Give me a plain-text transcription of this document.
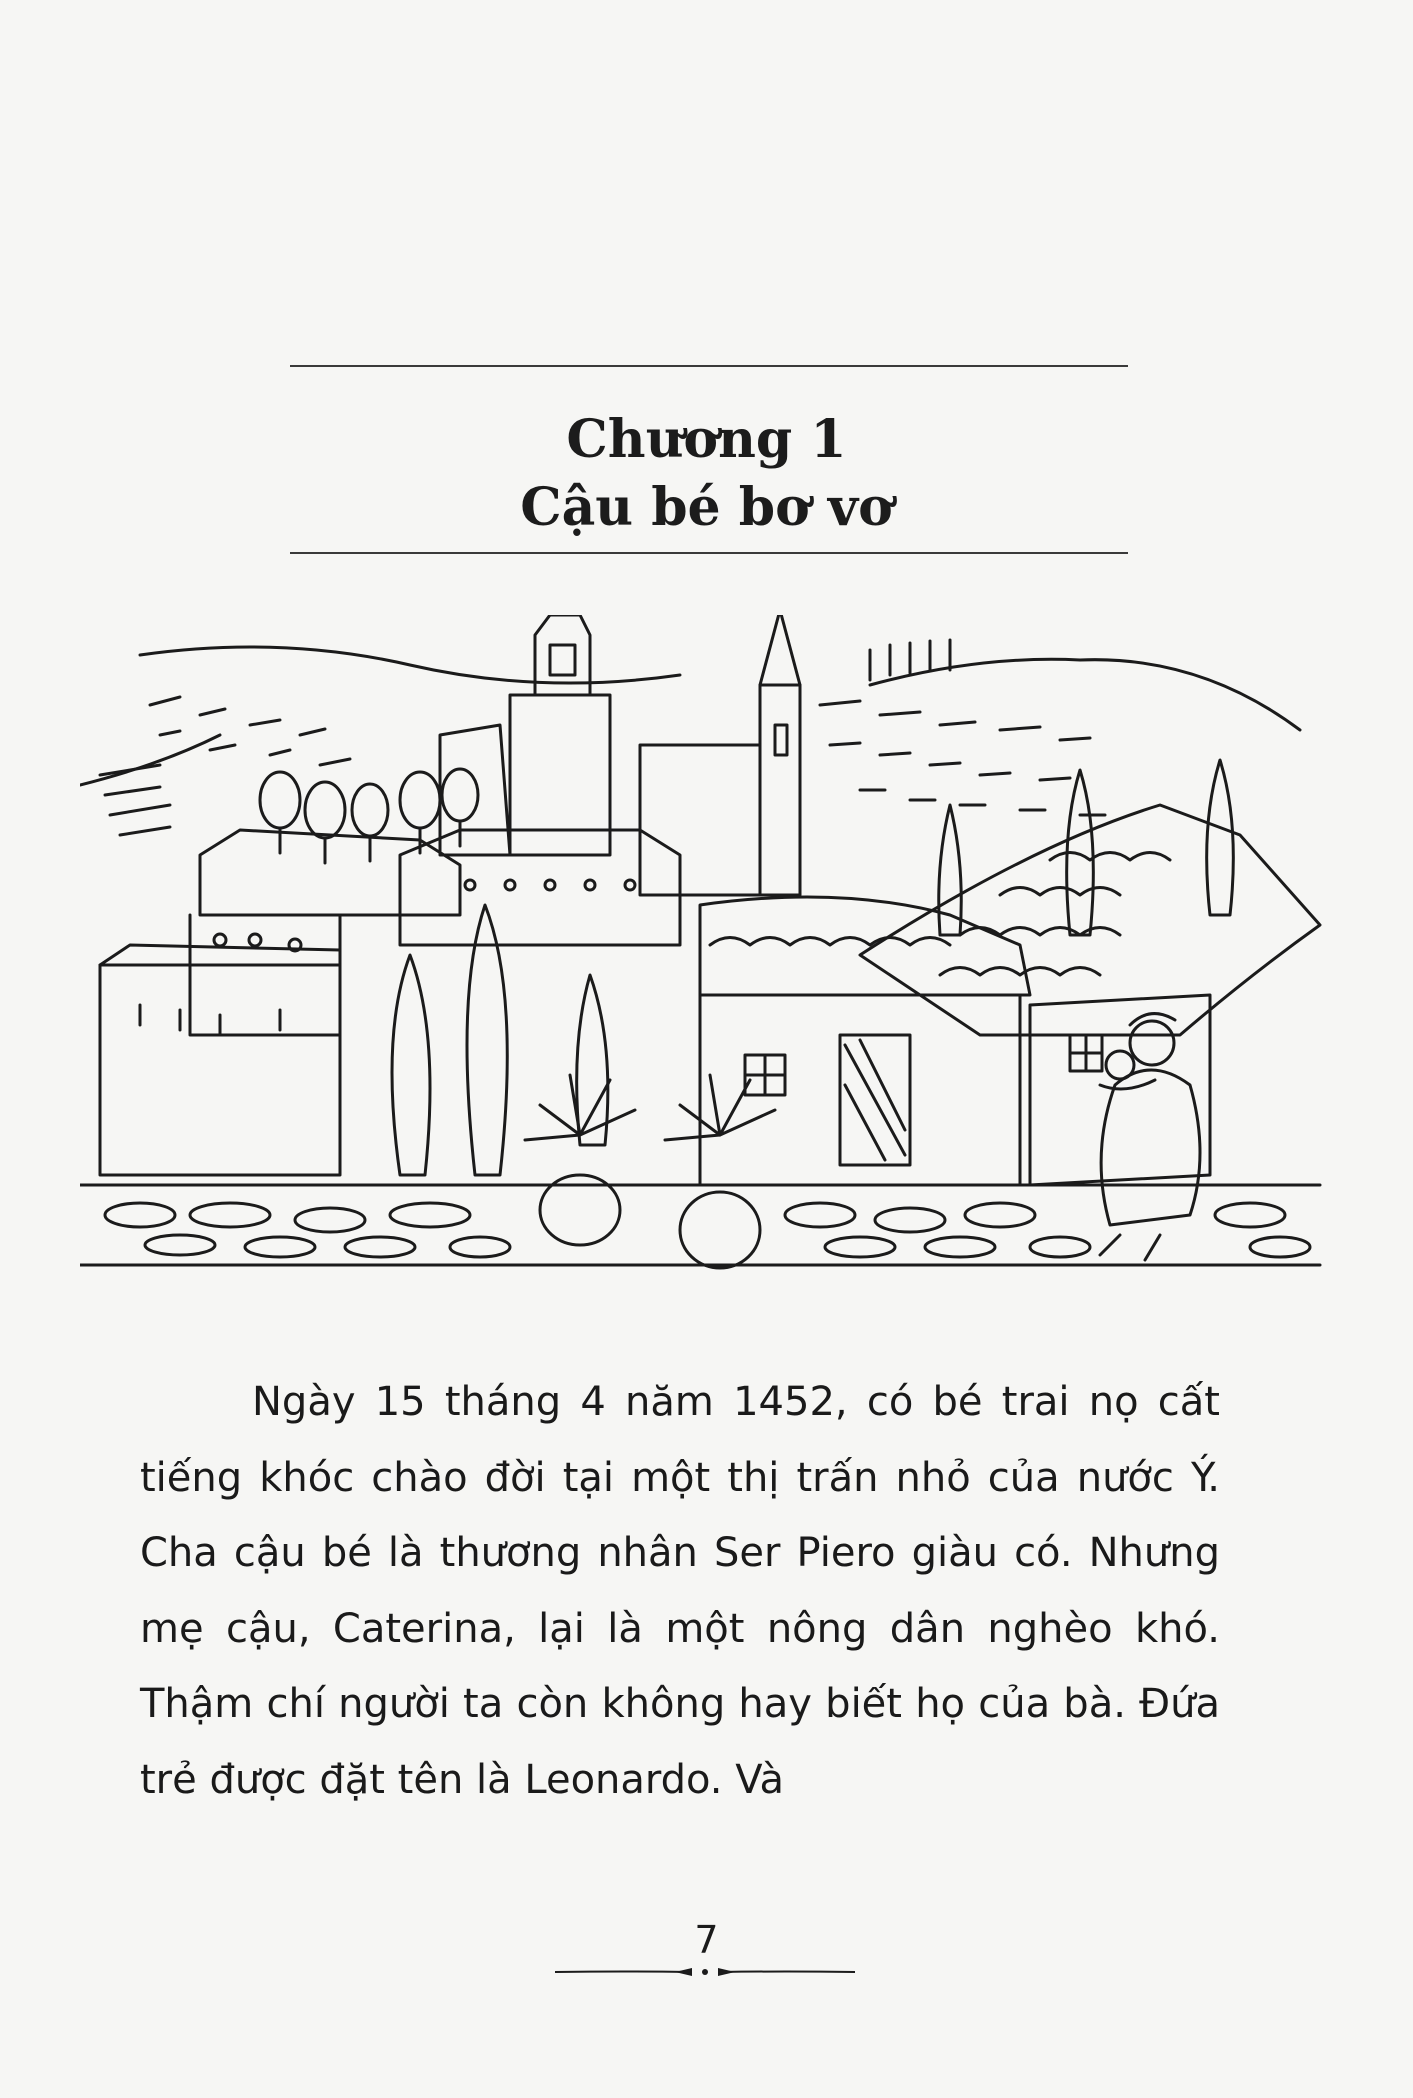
Chương 1
Cậu bé bơ vơ

Ngày 15 tháng 4 năm 1452, có bé trai nọ cất tiếng khóc chào đời tại một thị trấn nhỏ của nước Ý. Cha cậu bé là thương nhân Ser Piero giàu có. Nhưng mẹ cậu, Caterina, lại là một nông dân nghèo khó. Thậm chí người ta còn không hay biết họ của bà. Đứa trẻ được đặt tên là Leonardo. Và

7
